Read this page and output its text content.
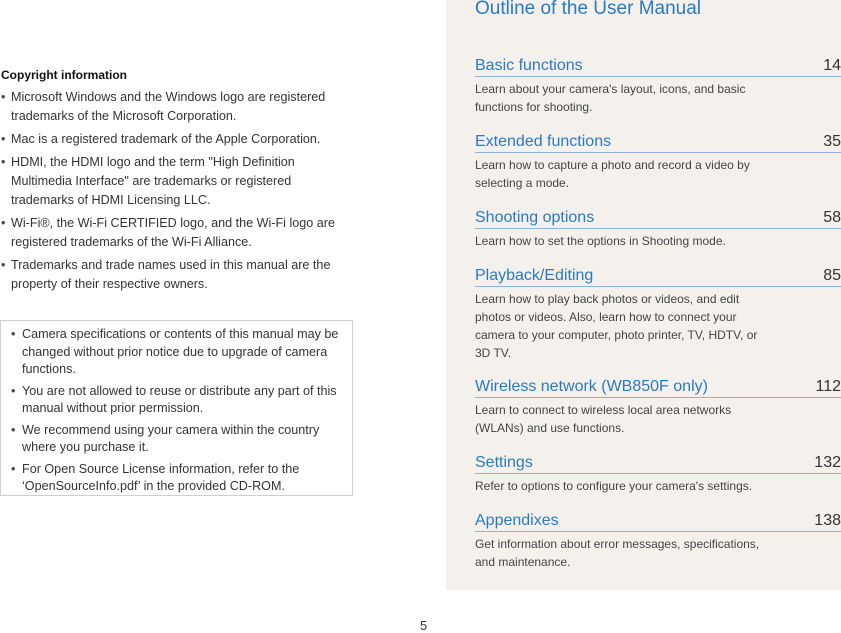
Copyright information
• Microsoft Windows and the Windows logo are registered trademarks of the Microsoft Corporation.
• Mac is a registered trademark of the Apple Corporation.
• HDMI, the HDMI logo and the term "High Definition Multimedia Interface" are trademarks or registered trademarks of HDMI Licensing LLC.
• Wi-Fi®, the Wi-Fi CERTIFIED logo, and the Wi-Fi logo are registered trademarks of the Wi-Fi Alliance.
• Trademarks and trade names used in this manual are the property of their respective owners.
• Camera specifications or contents of this manual may be changed without prior notice due to upgrade of camera functions.
• You are not allowed to reuse or distribute any part of this manual without prior permission.
• We recommend using your camera within the country where you purchase it.
• For Open Source License information, refer to the ‘OpenSourceInfo.pdf’ in the provided CD-ROM.
Outline of the User Manual
Basic functions	14
Learn about your camera's layout, icons, and basic functions for shooting.
Extended functions	35
Learn how to capture a photo and record a video by selecting a mode.
Shooting options	58
Learn how to set the options in Shooting mode.
Playback/Editing	85
Learn how to play back photos or videos, and edit photos or videos. Also, learn how to connect your camera to your computer, photo printer, TV, HDTV, or 3D TV.
Wireless network (WB850F only)	112
Learn to connect to wireless local area networks (WLANs) and use functions.
Settings	132
Refer to options to configure your camera's settings.
Appendixes	138
Get information about error messages, specifications, and maintenance.
5
